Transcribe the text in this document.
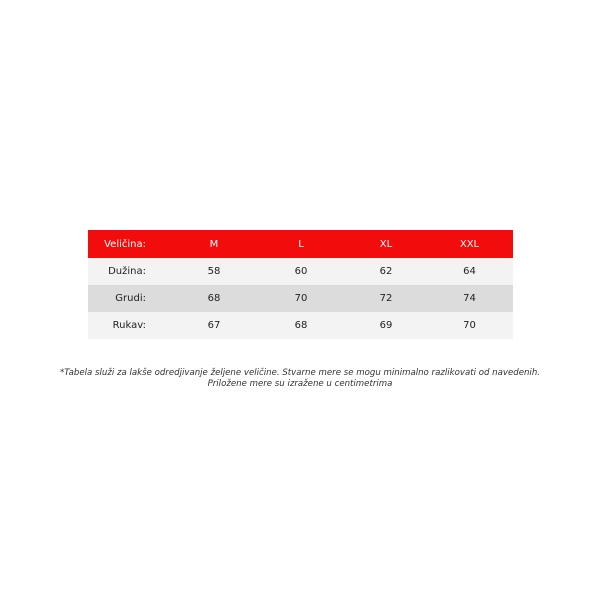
Veličina:	M	L	XL	XXL
Dužina:	58	60	62	64
Grudi:	68	70	72	74
Rukav:	67	68	69	70
*Tabela služi za lakše odredjivanje željene veličine. Stvarne mere se mogu minimalno razlikovati od navedenih.
Priložene mere su izražene u centimetrima
